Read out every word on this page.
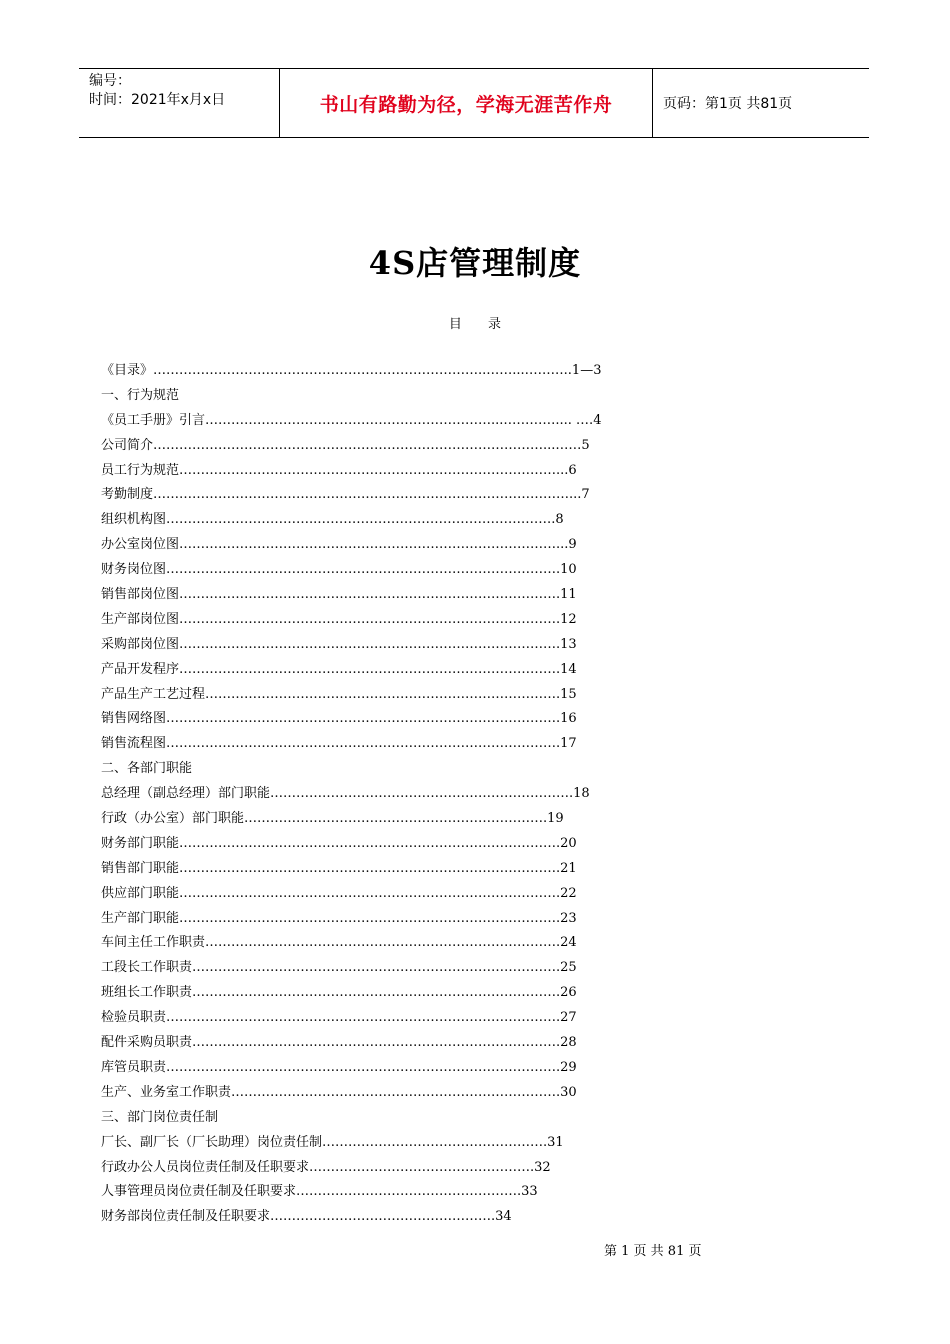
编号：
时间：2021年x月x日	书山有路勤为径，学海无涯苦作舟	页码：第1页 共81页
4S店管理制度
目 录
《目录》…………………………………………………………………..……...………..1—3
一、行为规范
《员工手册》引言…………………………………………………………...………….... .…4
公司简介………………………………………………………………………………...……5
员工行为规范……………………………………………………………………………...6
考勤制度……………………………………………………………………………………...7
组织机构图……………………………..……………………………………………….8
办公室岗位图……………………………………………………………………………...9
财务岗位图……………………………………………………………………………….10
销售部岗位图…………………………………………………………………………….11
生产部岗位图…………………………………………………………………………….12
采购部岗位图…………………………………………………………………………….13
产品开发程序…………………………………………………………………………….14
产品生产工艺过程……………………………………………………………………….15
销售网络图……………………………………………………………………………….16
销售流程图……………………………………………………………………………….17
二、各部门职能
总经理（副总经理）部门职能…………………………………………………………….18
行政（办公室）部门职能…………………………………………………………….19
财务部门职能…………………………………………………………………………….20
销售部门职能…………………………………………………………………………….21
供应部门职能…………………………………………………………………………….22
生产部门职能…………………………………………………………………………….23
车间主任工作职责……………………………………………………………………….24
工段长工作职责………………………………………………………………………….25
班组长工作职责………………………………………………………………………….26
检验员职责……………………………………………………………………………….27
配件采购员职责………………………………………………………………………….28
库管员职责……………………………………………………………………………….29
生产、业务室工作职责………………………………………………………………….30
三、部门岗位责任制
厂长、副厂长（厂长助理）岗位责任制…………………………………………….31
行政办公人员岗位责任制及任职要求…………………………………………….32
人事管理员岗位责任制及任职要求…………………………………………….33
财务部岗位责任制及任职要求…………………………………………….34
第 1 页 共 81 页
